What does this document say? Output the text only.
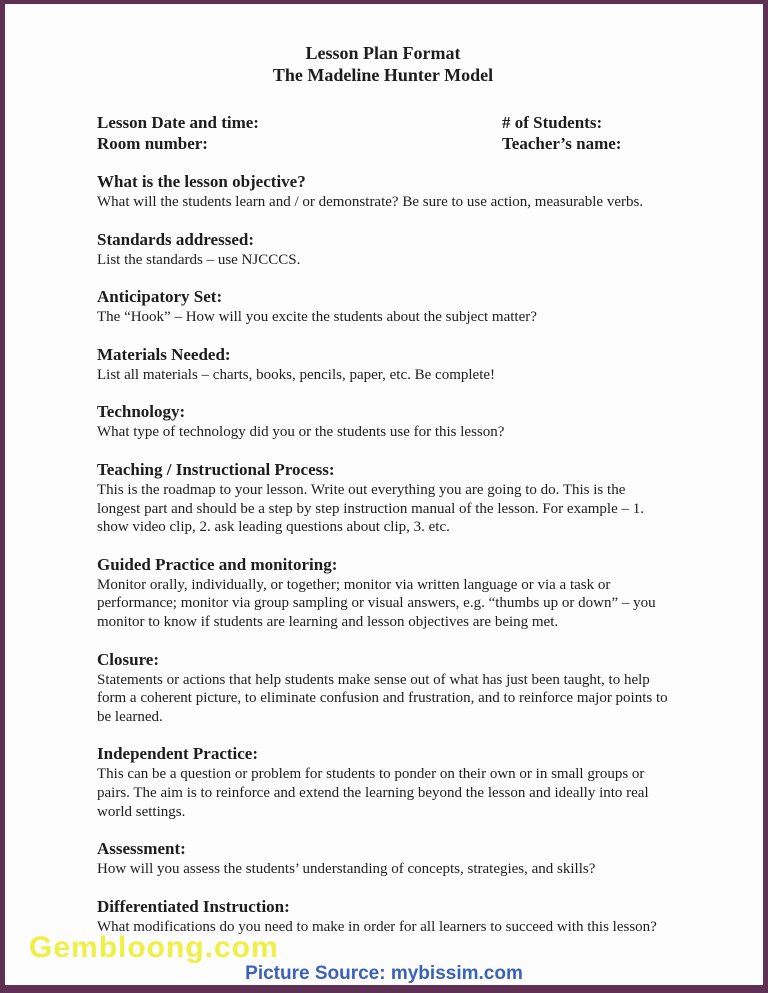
Lesson Plan Format
The Madeline Hunter Model
Lesson Date and time:	# of Students:
Room number:	Teacher’s name:
What is the lesson objective?

What will the students learn and / or demonstrate? Be sure to use action, measurable verbs.

Standards addressed:

List the standards – use NJCCCS.

Anticipatory Set:

The “Hook” – How will you excite the students about the subject matter?

Materials Needed:

List all materials – charts, books, pencils, paper, etc. Be complete!

Technology:

What type of technology did you or the students use for this lesson?

Teaching / Instructional Process:

This is the roadmap to your lesson. Write out everything you are going to do. This is the longest part and should be a step by step instruction manual of the lesson. For example – 1. show video clip, 2. ask leading questions about clip, 3. etc.

Guided Practice and monitoring:

Monitor orally, individually, or together; monitor via written language or via a task or performance; monitor via group sampling or visual answers, e.g. “thumbs up or down” – you monitor to know if students are learning and lesson objectives are being met.

Closure:

Statements or actions that help students make sense out of what has just been taught, to help form a coherent picture, to eliminate confusion and frustration, and to reinforce major points to be learned.

Independent Practice:

This can be a question or problem for students to ponder on their own or in small groups or pairs. The aim is to reinforce and extend the learning beyond the lesson and ideally into real world settings.

Assessment:

How will you assess the students’ understanding of concepts, strategies, and skills?

Differentiated Instruction:

What modifications do you need to make in order for all learners to succeed with this lesson?

Gembloong.com
Picture Source: mybissim.com
